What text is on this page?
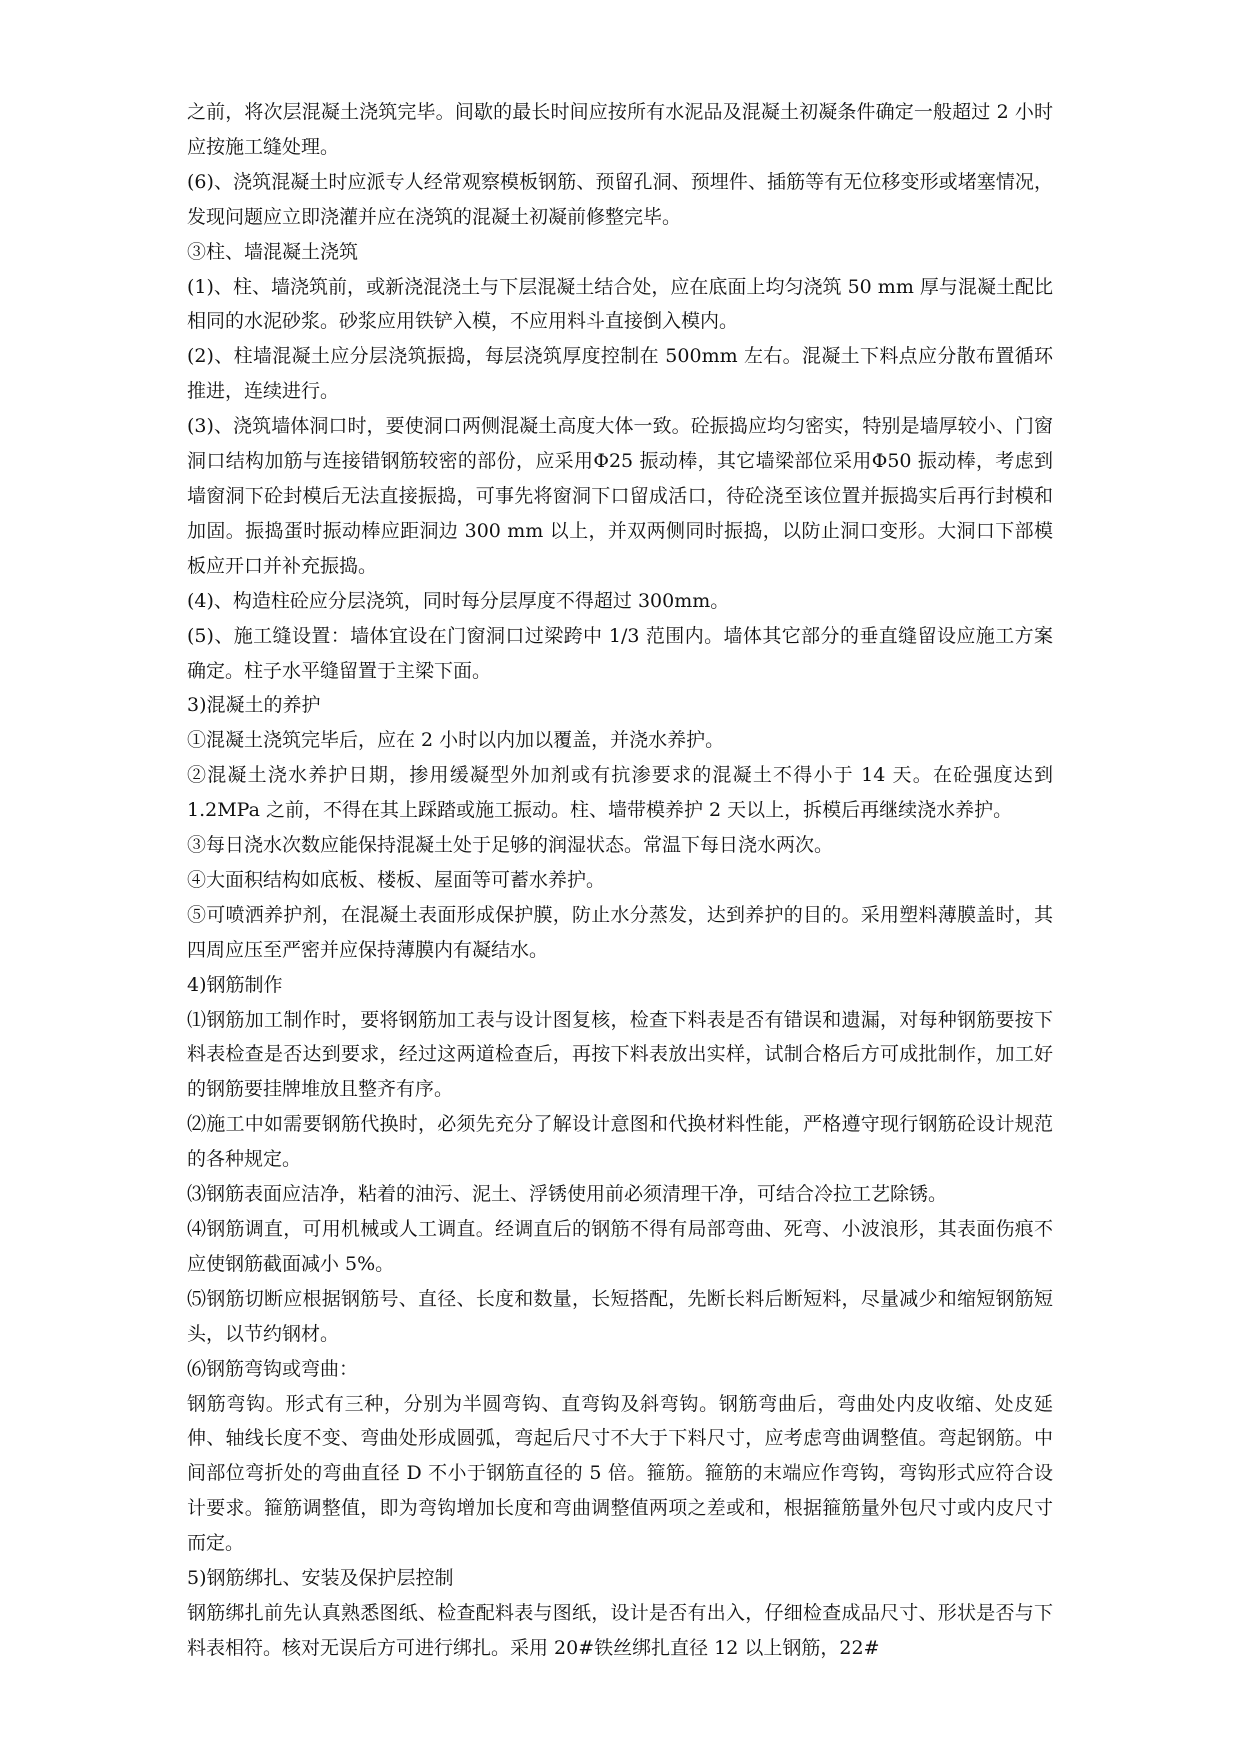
之前，将次层混凝土浇筑完毕。间歇的最长时间应按所有水泥品及混凝土初凝条件确定一般超过 2 小时应按施工缝处理。

(6)、浇筑混凝土时应派专人经常观察模板钢筋、预留孔洞、预埋件、插筋等有无位移变形或堵塞情况，发现问题应立即浇灌并应在浇筑的混凝土初凝前修整完毕。

③柱、墙混凝土浇筑

(1)、柱、墙浇筑前，或新浇混浇土与下层混凝土结合处，应在底面上均匀浇筑 50 mm 厚与混凝土配比相同的水泥砂浆。砂浆应用铁铲入模，不应用料斗直接倒入模内。

(2)、柱墙混凝土应分层浇筑振捣，每层浇筑厚度控制在 500mm 左右。混凝土下料点应分散布置循环推进，连续进行。

(3)、浇筑墙体洞口时，要使洞口两侧混凝土高度大体一致。砼振捣应均匀密实，特别是墙厚较小、门窗洞口结构加筋与连接错钢筋较密的部份，应采用Φ25 振动棒，其它墙梁部位采用Φ50 振动棒，考虑到墙窗洞下砼封模后无法直接振捣，可事先将窗洞下口留成活口，待砼浇至该位置并振捣实后再行封模和加固。振捣蛋时振动棒应距洞边 300 mm 以上，并双两侧同时振捣，以防止洞口变形。大洞口下部模板应开口并补充振捣。

(4)、构造柱砼应分层浇筑，同时每分层厚度不得超过 300mm。

(5)、施工缝设置：墙体宜设在门窗洞口过梁跨中 1/3 范围内。墙体其它部分的垂直缝留设应施工方案确定。柱子水平缝留置于主梁下面。

3)混凝土的养护

①混凝土浇筑完毕后，应在 2 小时以内加以覆盖，并浇水养护。

②混凝土浇水养护日期，掺用缓凝型外加剂或有抗渗要求的混凝土不得小于 14 天。在砼强度达到 1.2MPa 之前，不得在其上踩踏或施工振动。柱、墙带模养护 2 天以上，拆模后再继续浇水养护。

③每日浇水次数应能保持混凝土处于足够的润湿状态。常温下每日浇水两次。

④大面积结构如底板、楼板、屋面等可蓄水养护。

⑤可喷洒养护剂，在混凝土表面形成保护膜，防止水分蒸发，达到养护的目的。采用塑料薄膜盖时，其四周应压至严密并应保持薄膜内有凝结水。

4)钢筋制作

⑴钢筋加工制作时，要将钢筋加工表与设计图复核，检查下料表是否有错误和遗漏，对每种钢筋要按下料表检查是否达到要求，经过这两道检查后，再按下料表放出实样，试制合格后方可成批制作，加工好的钢筋要挂牌堆放且整齐有序。

⑵施工中如需要钢筋代换时，必须先充分了解设计意图和代换材料性能，严格遵守现行钢筋砼设计规范的各种规定。

⑶钢筋表面应洁净，粘着的油污、泥土、浮锈使用前必须清理干净，可结合冷拉工艺除锈。

⑷钢筋调直，可用机械或人工调直。经调直后的钢筋不得有局部弯曲、死弯、小波浪形，其表面伤痕不应使钢筋截面减小 5%。

⑸钢筋切断应根据钢筋号、直径、长度和数量，长短搭配，先断长料后断短料，尽量减少和缩短钢筋短头，以节约钢材。

⑹钢筋弯钩或弯曲：

钢筋弯钩。形式有三种，分别为半圆弯钩、直弯钩及斜弯钩。钢筋弯曲后，弯曲处内皮收缩、处皮延伸、轴线长度不变、弯曲处形成圆弧，弯起后尺寸不大于下料尺寸，应考虑弯曲调整值。弯起钢筋。中间部位弯折处的弯曲直径 D 不小于钢筋直径的 5 倍。箍筋。箍筋的末端应作弯钩，弯钩形式应符合设计要求。箍筋调整值，即为弯钩增加长度和弯曲调整值两项之差或和，根据箍筋量外包尺寸或内皮尺寸而定。

5)钢筋绑扎、安装及保护层控制

钢筋绑扎前先认真熟悉图纸、检查配料表与图纸，设计是否有出入，仔细检查成品尺寸、形状是否与下料表相符。核对无误后方可进行绑扎。采用 20#铁丝绑扎直径 12 以上钢筋，22#
